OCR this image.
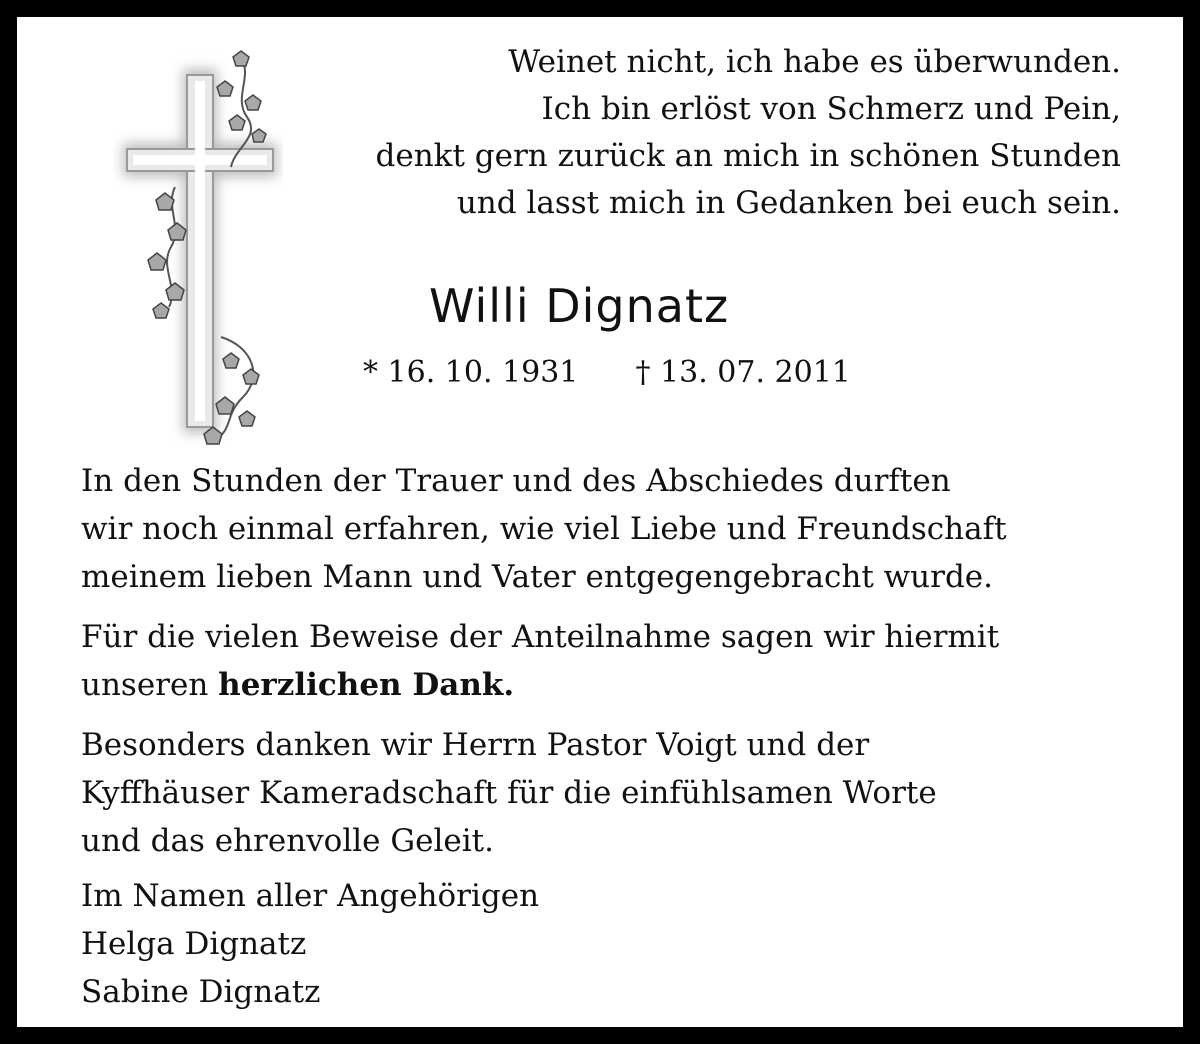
Weinet nicht, ich habe es überwunden.
Ich bin erlöst von Schmerz und Pein,
denkt gern zurück an mich in schönen Stunden
und lasst mich in Gedanken bei euch sein.
Willi Dignatz
* 16. 10. 1931 † 13. 07. 2011

In den Stunden der Trauer und des Abschiedes durften
wir noch einmal erfahren, wie viel Liebe und Freundschaft
meinem lieben Mann und Vater entgegengebracht wurde.

Für die vielen Beweise der Anteilnahme sagen wir hiermit
unseren herzlichen Dank.

Besonders danken wir Herrn Pastor Voigt und der
Kyffhäuser Kameradschaft für die einfühlsamen Worte
und das ehrenvolle Geleit.

Im Namen aller Angehörigen
Helga Dignatz
Sabine Dignatz
